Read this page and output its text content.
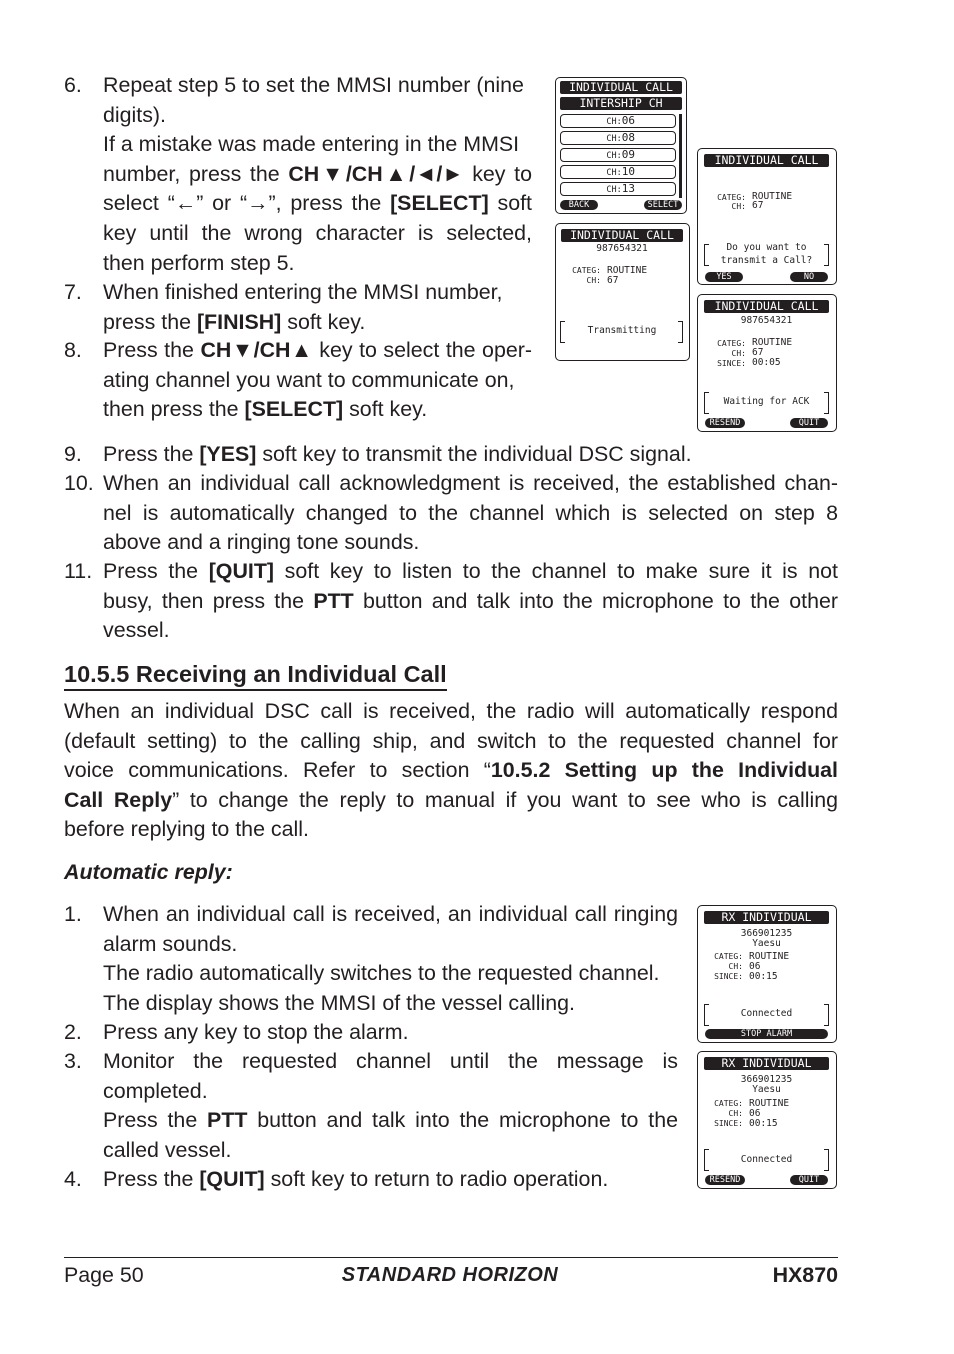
6. Repeat step 5 to set the MMSI number (nine
digits).
If a mistake was made entering in the MMSI
number, press the CH▼/CH▲/◄/► key to
select “←” or “→”, press the [SELECT] soft
key until the wrong character is selected,
then perform step 5.
7. When finished entering the MMSI number,
press the [FINISH] soft key.
8. Press the CH▼/CH▲ key to select the oper-
ating channel you want to communicate on,
then press the [SELECT] soft key.
INDIVIDUAL CALL
INTERSHIP CH
CH:06
CH:08
CH:09
CH:10
CH:13
BACK	SELECT
INDIVIDUAL CALL
987654321
CATEG: ROUTINE
CH: 67
Transmitting
INDIVIDUAL CALL
CATEG: ROUTINE
CH: 67
Do you want to
transmit a Call?
YES	NO
INDIVIDUAL CALL
987654321
CATEG: ROUTINE
CH: 67
SINCE: 00:05
Waiting for ACK
RESEND	QUIT
9. Press the [YES] soft key to transmit the individual DSC signal.
10. When an individual call acknowledgment is received, the established chan-
nel is automatically changed to the channel which is selected on step 8
above and a ringing tone sounds.
11. Press the [QUIT] soft key to listen to the channel to make sure it is not
busy, then press the PTT button and talk into the microphone to the other
vessel.
10.5.5 Receiving an Individual Call
When an individual DSC call is received, the radio will automatically respond
(default setting) to the calling ship, and switch to the requested channel for
voice communications. Refer to section “10.5.2 Setting up the Individual
Call Reply” to change the reply to manual if you want to see who is calling
before replying to the call.
Automatic reply:
1. When an individual call is received, an individual call ringing
alarm sounds.
The radio automatically switches to the requested channel.
The display shows the MMSI of the vessel calling.
2. Press any key to stop the alarm.
3. Monitor the requested channel until the message is
completed.
Press the PTT button and talk into the microphone to the
called vessel.
4. Press the [QUIT] soft key to return to radio operation.
RX INDIVIDUAL
366901235
Yaesu
CATEG: ROUTINE
CH: 06
SINCE: 00:15
Connected
STOP ALARM
RX INDIVIDUAL
366901235
Yaesu
CATEG: ROUTINE
CH: 06
SINCE: 00:15
Connected
RESEND	QUIT
Page 50	STANDARD HORIZON	HX870
